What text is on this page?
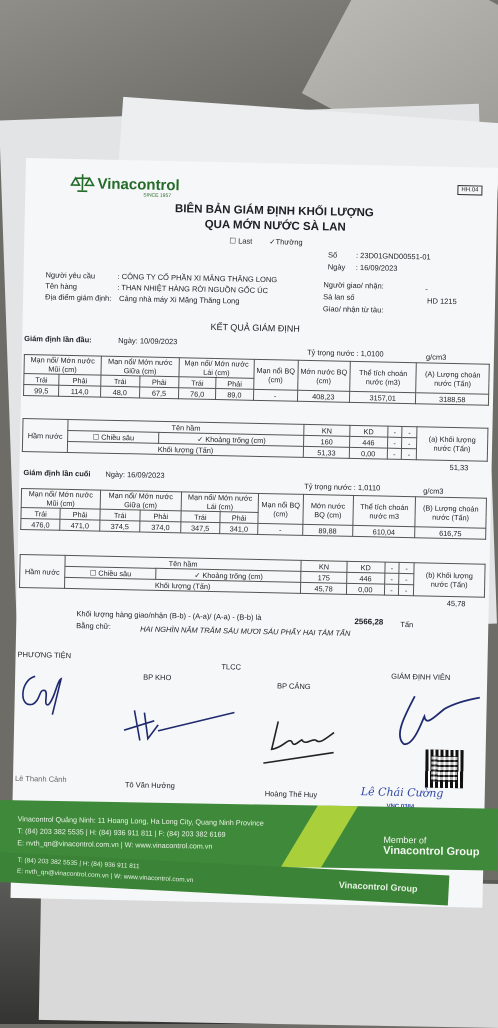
Vinacontrol
SINCE 1957
HH.04
BIÊN BẢN GIÁM ĐỊNH KHỐI LƯỢNG
QUA MỚN NƯỚC SÀ LAN
☐ Last ✓Thường
Số : 23D01GND00551-01
Ngày : 16/09/2023
Người yêu cầu	: CÔNG TY CỔ PHẦN XI MĂNG THĂNG LONG
Tên hàng	: THAN NHIỆT HÀNG RỜI NGUỒN GỐC ÚC
Địa điểm giám định: Cảng nhà máy Xi Măng Thăng Long
Người giao/ nhận:	-
Sà lan số	HD 1215
Giao/ nhận từ tàu:
KẾT QUẢ GIÁM ĐỊNH
Giám định lần đầu:	Ngày: 10/09/2023
Tỷ trọng nước : 1,0100	g/cm3
Mạn nổi/ Mớn nước Mũi (cm)		Mạn nổi/ Mớn nước Giữa (cm)		Mạn nổi/ Mớn nước Lái (cm)		Mạn nổi BQ (cm)	Mớn nước BQ (cm)	Thể tích choán nước (m3)	(A) Lượng choán nước (Tấn)
Trái	Phải	Trái	Phải	Trái	Phải				
99,5	114,0	48,0	67,5	76,0	89,0	-	408,23	3157,01	3188,58
Hầm nước	Tên hầm		KN	KD	-	-	(a) Khối lượng nước (Tấn)
	☐ Chiều sâu	✓ Khoảng trống (cm)	160	446	-	-	
	Khối lượng (Tấn)		51,33	0,00	-	-	
51,33
Giám định lần cuối Ngày: 16/09/2023
Tỷ trọng nước : 1,0110	g/cm3
Mạn nổi/ Mớn nước Mũi (cm)		Mạn nổi/ Mớn nước Giữa (cm)		Mạn nổi/ Mớn nước Lái (cm)		Mạn nổi BQ (cm)	Mớn nước BQ (cm)	Thể tích choán nước m3	(B) Lượng choán nước (Tấn)
Trái	Phải	Trái	Phải	Trái	Phải				
476,0	471,0	374,5	374,0	347,5	341,0	-	89,88	610,04	616,75
Hầm nước	Tên hầm		KN	KD	-	-	(b) Khối lượng nước (Tấn)
	☐ Chiều sâu	✓ Khoảng trống (cm)	175	446	-	-	
	Khối lượng (Tấn)		45,78	0,00	-	-	
45,78
Khối lượng hàng giao/nhận (B-b) - (A-a)/ (A-a) - (B-b) là	2566,28 Tấn
Bằng chữ:	HAI NGHÌN NĂM TRĂM SÁU MƯƠI SÁU PHẨY HAI TÁM TẤN
PHƯƠNG TIỆN
TLCC
GIÁM ĐỊNH VIÊN
BP KHO
BP CẢNG
Lê Thanh Cảnh
Tô Văn Hưởng
Hoàng Thế Huy	Lê Chái Cường
Vinacontrol Quảng Ninh: 11 Hoang Long, Ha Long City, Quang Ninh Province
T: (84) 203 382 5535 | H: (84) 936 911 811 | F: (84) 203 382 6169
E: nvth_qn@vinacontrol.com.vn | W: www.vinacontrol.com.vn	Member of
Vinacontrol Group
T: (84) 203 382 5535 | H: (84) 936 911 811
E: nvth_qn@vinacontrol.com.vn | W: www.vinacontrol.com.vn
Vinacontrol Group
